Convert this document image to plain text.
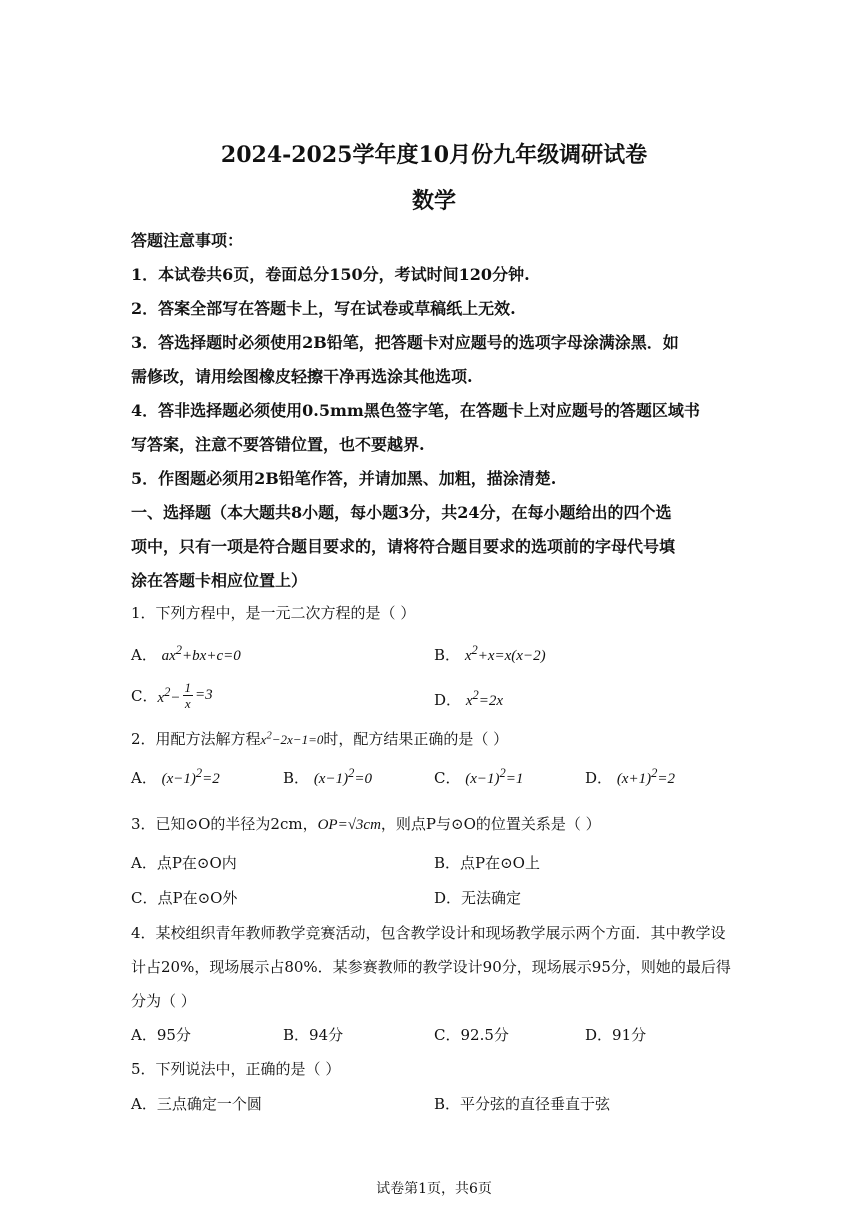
2024-2025学年度10月份九年级调研试卷
数学
答题注意事项：
1．本试卷共6页，卷面总分150分，考试时间120分钟.
2．答案全部写在答题卡上，写在试卷或草稿纸上无效.
3．答选择题时必须使用2B铅笔，把答题卡对应题号的选项字母涂满涂黑．如
需修改，请用绘图橡皮轻擦干净再选涂其他选项.
4．答非选择题必须使用0.5mm黑色签字笔，在答题卡上对应题号的答题区域书
写答案，注意不要答错位置，也不要越界.
5．作图题必须用2B铅笔作答，并请加黑、加粗，描涂清楚.
一、选择题（本大题共8小题，每小题3分，共24分，在每小题给出的四个选
项中，只有一项是符合题目要求的，请将符合题目要求的选项前的字母代号填
涂在答题卡相应位置上）
1．下列方程中，是一元二次方程的是（ ）
A． $ax^2+bx+c=0$	B． $x^2+x=x(x-2)$
C． $x^2- \frac{1}{x} =3$	D． $x^2=2x$
2．用配方法解方程$x^2-2x-1=0$时，配方结果正确的是（ ）
A． $(x-1)^2=2$	B． $(x-1)^2=0$	C． $(x-1)^2=1$	D． $(x+1)^2=2$
3．已知⊙O的半径为2cm，OP=√3cm，则点P与⊙O的位置关系是（ ）
A．点P在⊙O内	B．点P在⊙O上
C．点P在⊙O外	D．无法确定
4．某校组织青年教师教学竞赛活动，包含教学设计和现场教学展示两个方面．其中教学设
计占20%，现场展示占80%．某参赛教师的教学设计90分，现场展示95分，则她的最后得
分为（ ）
A．95分	B．94分	C．92.5分	D．91分
5．下列说法中，正确的是（ ）
A．三点确定一个圆	B．平分弦的直径垂直于弦
试卷第1页，共6页
